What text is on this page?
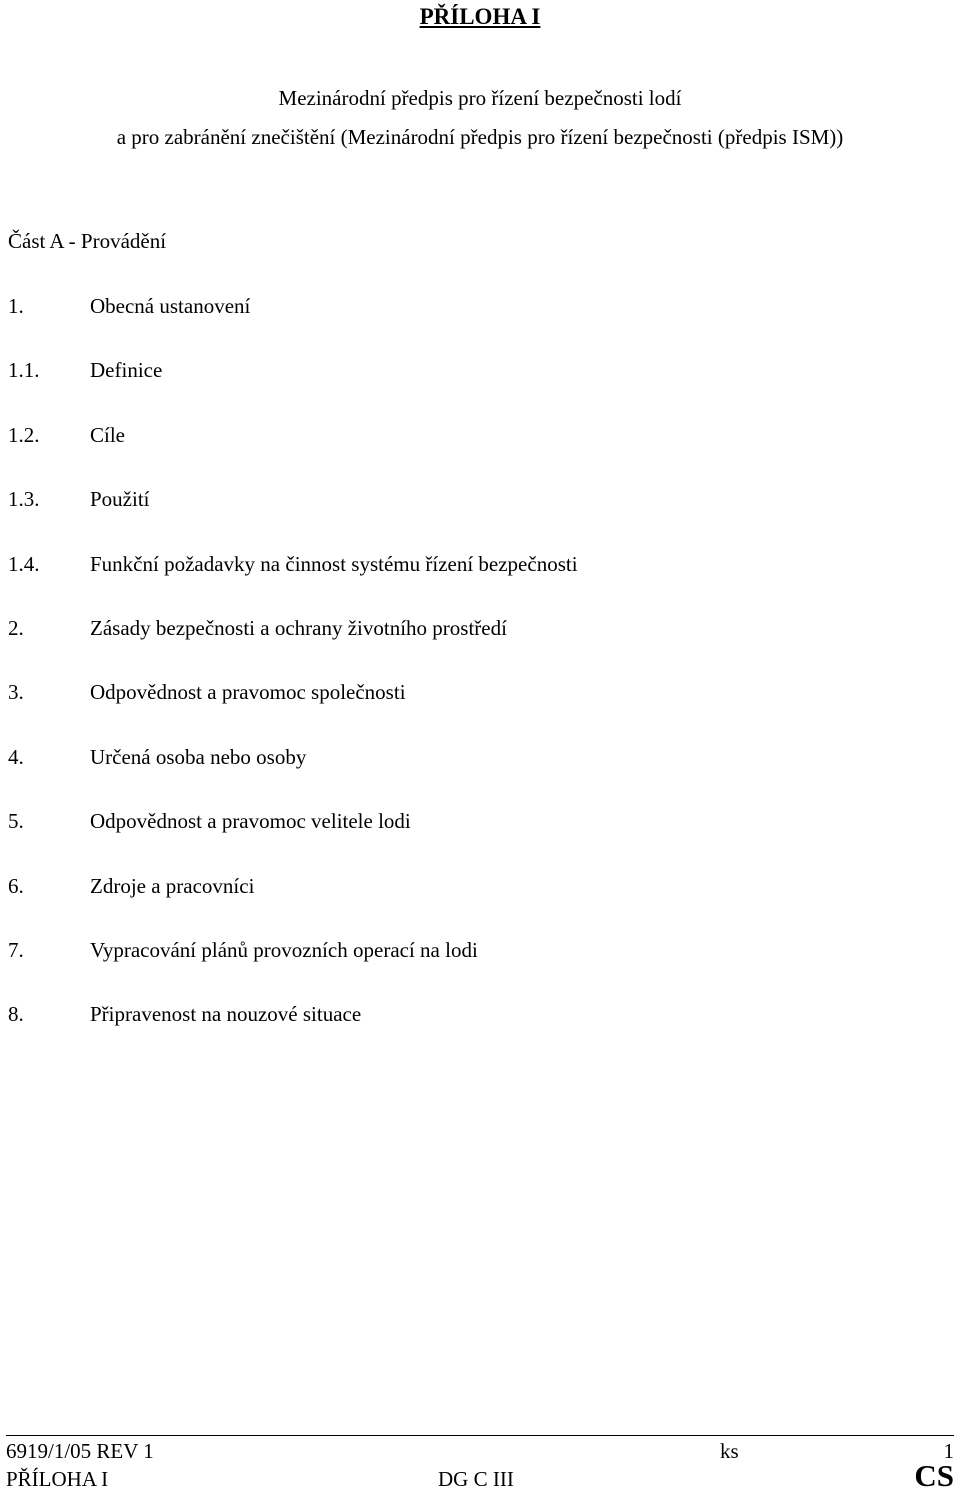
PŘÍLOHA I
Mezinárodní předpis pro řízení bezpečnosti lodí
a pro zabránění znečištění (Mezinárodní předpis pro řízení bezpečnosti (předpis ISM))
Část A - Provádění
1.	Obecná ustanovení
1.1. Definice
1.2. Cíle
1.3. Použití
1.4. Funkční požadavky na činnost systému řízení bezpečnosti
2.	Zásady bezpečnosti a ochrany životního prostředí
3.	Odpovědnost a pravomoc společnosti
4.	Určená osoba nebo osoby
5.	Odpovědnost a pravomoc velitele lodi
6.	Zdroje a pracovníci
7.	Vypracování plánů provozních operací na lodi
8.	Připravenost na nouzové situace
6919/1/05 REV 1	ks	1
PŘÍLOHA I	DG C III	CS
